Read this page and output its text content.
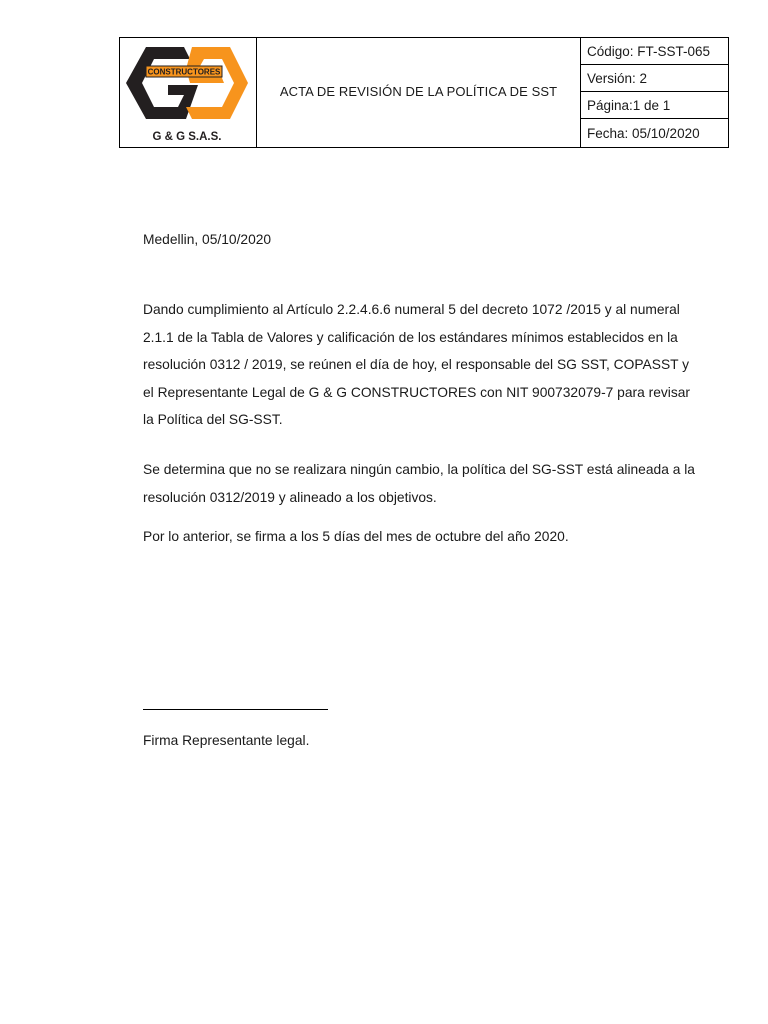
CONSTRUCTORES
G & G S.A.S.
	ACTA DE REVISIÓN DE LA POLÍTICA DE SST	Código: FT-SST-065
Versión: 2
Página:1 de 1
Fecha: 05/10/2020

Medellin, 05/10/2020

Dando cumplimiento al Artículo 2.2.4.6.6 numeral 5 del decreto 1072 /2015 y al numeral 2.1.1 de la Tabla de Valores y calificación de los estándares mínimos establecidos en la resolución 0312 / 2019, se reúnen el día de hoy, el responsable del SG SST, COPASST y el Representante Legal de G & G CONSTRUCTORES con NIT 900732079-7 para revisar la Política del SG-SST.

Se determina que no se realizara ningún cambio, la política del SG-SST está alineada a la resolución 0312/2019 y alineado a los objetivos.

Por lo anterior, se firma a los 5 días del mes de octubre del año 2020.

Firma Representante legal.
